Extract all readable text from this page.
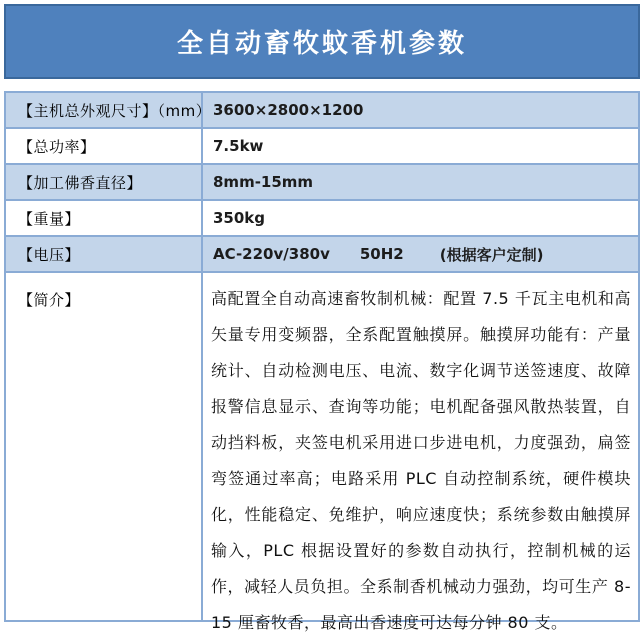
全自动畜牧蚊香机参数
【主机总外观尺寸】（mm） 3600×2800×1200
【总功率】	7.5kw
【加工佛香直径】	8mm-15mm
【重量】	350kg
【电压】	AC-220v/380v 50H2 (根据客户定制)
【简介】	高配置全自动高速畜牧制机械：配置 7.5 千瓦主电机和高矢量专用变频器，全系配置触摸屏。触摸屏功能有：产量统计、自动检测电压、电流、数字化调节送签速度、故障报警信息显示、查询等功能；电机配备强风散热装置，自动挡料板，夹签电机采用进口步进电机，力度强劲，扁签弯签通过率高；电路采用 PLC 自动控制系统，硬件模块化，性能稳定、免维护，响应速度快；系统参数由触摸屏输入，PLC 根据设置好的参数自动执行，控制机械的运作，减轻人员负担。全系制香机械动力强劲，均可生产 8-15 厘畜牧香，最高出香速度可达每分钟 80 支。
